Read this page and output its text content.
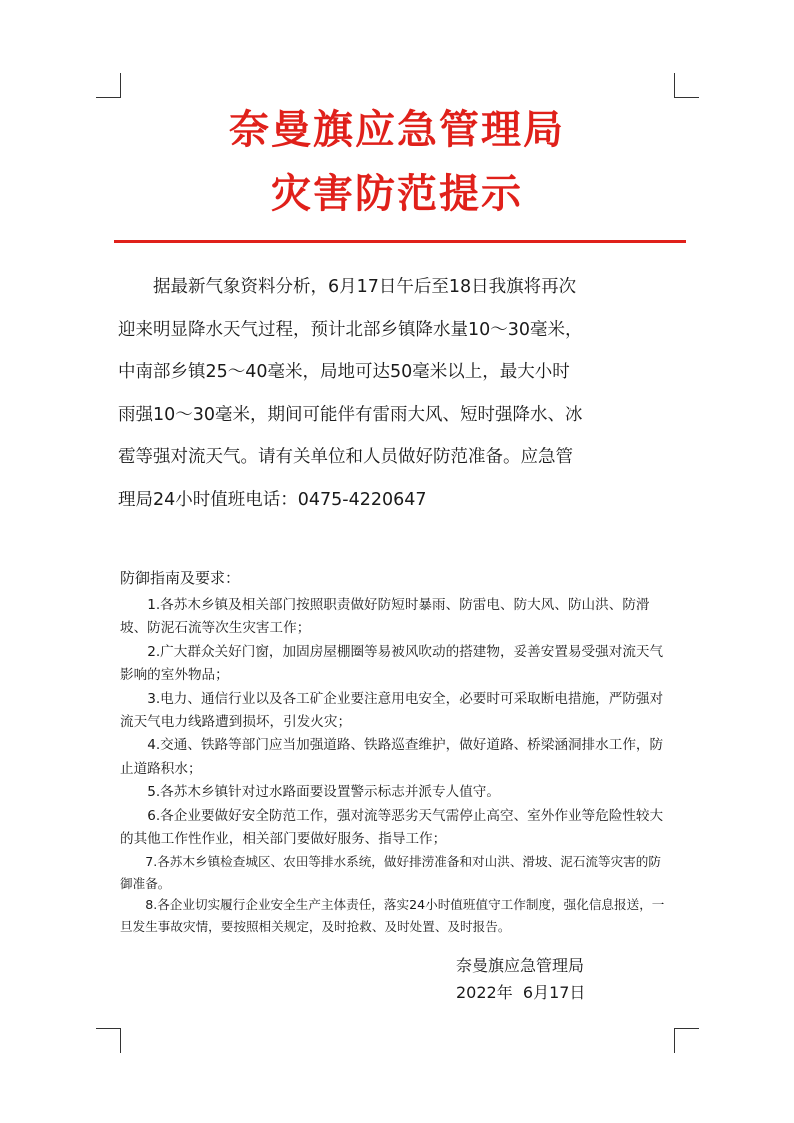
奈曼旗应急管理局
灾害防范提示

据最新气象资料分析，6月17日午后至18日我旗将再次
迎来明显降水天气过程，预计北部乡镇降水量10～30毫米，
中南部乡镇25～40毫米，局地可达50毫米以上，最大小时
雨强10～30毫米，期间可能伴有雷雨大风、短时强降水、冰
雹等强对流天气。请有关单位和人员做好防范准备。应急管
理局24小时值班电话：0475-4220647

防御指南及要求：
1.各苏木乡镇及相关部门按照职责做好防短时暴雨、防雷电、防大风、防山洪、防滑坡、防泥石流等次生灾害工作；
2.广大群众关好门窗，加固房屋棚圈等易被风吹动的搭建物，妥善安置易受强对流天气影响的室外物品；
3.电力、通信行业以及各工矿企业要注意用电安全，必要时可采取断电措施，严防强对流天气电力线路遭到损坏，引发火灾；
4.交通、铁路等部门应当加强道路、铁路巡查维护，做好道路、桥梁涵洞排水工作，防止道路积水；
5.各苏木乡镇针对过水路面要设置警示标志并派专人值守。
6.各企业要做好安全防范工作，强对流等恶劣天气需停止高空、室外作业等危险性较大的其他工作性作业，相关部门要做好服务、指导工作；
7.各苏木乡镇检查城区、农田等排水系统，做好排涝准备和对山洪、滑坡、泥石流等灾害的防御准备。
8.各企业切实履行企业安全生产主体责任，落实24小时值班值守工作制度，强化信息报送，一旦发生事故灾情，要按照相关规定，及时抢救、及时处置、及时报告。
奈曼旗应急管理局
2022年  6月17日
